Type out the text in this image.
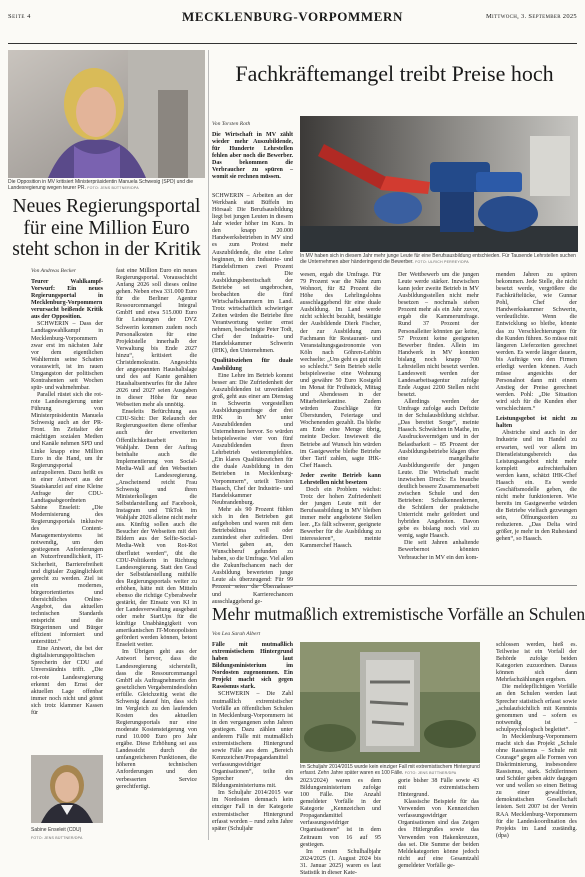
Seite 4	MECKLENBURG-VORPOMMERN	Mittwoch, 3. September 2025
Die Opposition in MV kritisiert Ministerpräsidentin Manuela Schwesig (SPD) und die Landesregierung wegen teurer PR. FOTO: JENS BÜTTNER/DPA
Neues Regierungsportal für eine Million Euro steht schon in der Kritik
Von Andreas Becker

Teurer Wahlkampf-Vorwurf: Ein neues Regierungsportal in Mecklenburg-Vorpommern verursacht beißende Kritik aus der Opposition.

SCHWERIN – Dass der Landtagswahlkampf in Mecklenburg-Vorpommern zwar erst im nächsten Jahr vor dem eigentlichen Wahltermin seine Schatten vorauswirft, ist im rauen Umgangston der politischen Kontrahenten seit Wochen spür- und wahrnehmbar.

Parallel rüstet sich die rot-rote Landesregierung unter Führung von Ministerpräsidentin Manuela Schwesig auch an der PR-Front. Im Zeitalter der mächtigen sozialen Medien und Kanäle nehmen SPD und Linke knapp eine Million Euro in die Hand, um ihr Regierungsportal aufzupolieren. Dazu heißt es in einer Antwort aus der Staatskanzlei auf eine Kleine Anfrage der CDU-Landtagsabgeordneten Sabine Enseleit: „Die Modernisierung des Regierungsportals inklusive des Content-Managementsystems ist notwendig, um den gestiegenen Anforderungen an Nutzerfreundlichkeit, IT-Sicherheit, Barrierefreiheit und digitaler Zugänglichkeit gerecht zu werden. Ziel ist ein modernes, bürgerorientiertes und übersichtliches Online-Angebot, das aktuellen technischen Standards entspricht und die Bürgerinnen und Bürger effizient informiert und unterstützt.“

Eine Antwort, die bei der digitalisierungspolitischen Sprecherin der CDU auf Unverständnis trifft. „Die rot-rote Landesregierung erkennt den Ernst der aktuellen Lage offenbar immer noch nicht und gönnt sich trotz klammer Kassen für

Sabine Enseleit (CDU)
FOTO: JENS BÜTTNER/DPA

fast eine Million Euro ein neues Regierungsportal. Vorausschicht Anfang 2026 soll dieses online gehen. Neben etwa 331.000 Euro für die Berliner Agentur Ressourcenmangel Integral GmbH und etwa 515.000 Euro für Leistungen der DVZ Schwerin kommen zudem noch Personalkosten für eine Projektstelle innerhalb der Verwaltung bis Ende 2027 hinzu“, kritisiert die Christdemokratin. Angesichts der angespannten Haushaltslage und des auf Kante genähten Haushaltsentwurfes für die Jahre 2026 und 2027 seien Ausgaben in dieser Höhe für neue Webseiten mehr als unnötig.

Enseleits Befürchtung aus CDU-Sicht: Der Relaunch der Regierungsseiten diene offenbar auch der erweiterten Öffentlichkeitsarbeit im Wahljahr. Denn der Auftrag beinhalte auch die Implementierung von Social-Media-Wall auf den Webseiten der Landesregierung. „Anscheinend reicht Frau Schwesig und ihren Ministerkollegen die Selbstdarstellung auf Facebook, Instagram und TikTok im Wahljahr 2026 alleine nicht mehr aus. Künftig sollen auch die Besucher der Webseiten mit den Bildern aus der Selfie-Social-Media-Welt von Rot-Rot überflutet werden“, übt die CDU-Politikerin in Richtung Landesregierung. Statt den Grad der Selbstdarstellung mithilfe des Regierungsportals weiter zu erhöhen, hätte mit den Mitteln ebenso die richtige Cyberabwehr gestärkt, der Einsatz von KI in der Landesverwaltung ausgebaut oder mehr StartUps für die künftige Unabhängigkeit von amerikanischen IT-Monopolisten gefördert werden können, betont Enseleit weiter.

Im Übrigen geht aus der Antwort hervor, dass die Landesregierung sicherstellt, dass die Ressourcenmangel GmbH als Auftragnehmerin den gesetzlichen Vergabemindestlohn erfülle. Gleichzeitig weist die Schwesig darauf hin, dass sich im Vergleich zu den laufenden Kosten des aktuellen Regierungsportals nur eine moderate Kostensteigerung von rund 10.000 Euro pro Jahr ergäbe. Diese Erhöhung sei aus Landessicht durch die umfangreicheren Funktionen, die höheren technischen Anforderungen und den verbesserten Service gerechtfertigt.

Fachkräftemangel treibt Preise hoch
Von Torsten Roth

Die Wirtschaft in MV zählt wieder mehr Auszubildende, für Hunderte Lehrstellen fehlen aber noch die Bewerber. Das bekommen die Verbraucher zu spüren – womit sie rechnen müssen.

SCHWERIN – Arbeiten an der Werkbank statt Büffeln im Hörsaal: Die Berufsausbildung liegt bei jungen Leuten in diesem Jahr wieder höher im Kurs. In den knapp 20.000 Handwerksbetrieben in MV sind es zum Protest mehr Auszubildende, die eine Lehre beginnen, in den Industrie- und Handelsfirmen zwei Prozent mehr. Die Ausbildungsbereitschaft der Betriebe sei ungebrochen, beobachten die fünf Wirtschaftskammern im Land. Trotz wirtschaftlich schwieriger Zeiten würden die Betriebe ihre Verantwortung weiter ernst nehmen, bescheinigte Peter Todt, Chef der Industrie- und Handelskammer Schwerin (IHK), den Unternehmen.

Qualitätsziehen für duale Ausbildung

Eine Lehre im Betrieb kommt besser an: Die Zufriedenheit der Auszubildenden ist unverändert groß, geht aus einer am Dienstag in Schwerin vorgestellten Ausbildungsumfrage der drei IHK in MV unter Auszubildenden und Unternehmen hervor. So würden beispielsweise vier von fünf Auszubildenden ihren Lehrbetrieb weiterempfehlen. „Ein klares Qualitätszeichen für die duale Ausbildung in den Betrieben in Mecklenburg-Vorpommern“, urteilt Torsten Haasch, Chef der Industrie- und Handelskammer Neubrandenburg.

Mehr als 90 Prozent fühlen sich in den Betrieben gut aufgehoben und waren mit dem Betriebsklima voll oder zumindest eher zufrieden. Drei Viertel gaben an, den Wunschberuf gefunden zu haben, so die Umfrage. Viel allen die Zukunftschancen nach der Ausbildung bewerteten junge Leute als überzeugend: Für 99 Prozent seien die Übernahme- und Karrierechancen ausschlaggebend ge-

In MV haben sich in diesem Jahr mehr junge Leute für eine Berufsausbildung entschieden. Für Tausende Lehrstellen suchen die Unternehmen aber händeringend die Bewerber. FOTO: ULRICH PERREY/DPA

wesen, ergab die Umfrage. Für 79 Prozent war die Nähe zum Wohnort, für 82 Prozent die Höhe des Lehrlingslohns ausschlaggebend für eine duale Ausbildung. Im Land werde nicht schlecht bezahlt, bestätigte der Ausbildende Dierk Fischer, der zur Ausbildung zum Fachmann für Restaurant- und Veranstaltungsgastronomie von Köln nach Göhren-Lebbin wechselte: „Uns geht es gut nicht so schlecht.“ Sein Betrieb stelle beispielsweise eine Wohnung und gewähre 50 Euro Kostgeld im Monat für Frühstück, Mittag und Abendessen in der Mitarbeiterkantine. Zudem würden Zuschläge für Überstunden, Feiertage und Wochenenden gezahlt. Da bleibe am Ende eine Menge übrig, meinte Decker. Inwieweit die Betriebe auf Wunsch hin würden im Gastgewerbe bleibe Betriebe über Tarif zahlen, sagte IHK-Chef Haasch.

Jeder zweite Betrieb kann Lehrstellen nicht besetzen

Doch ein Problem wächst: Trotz der hohen Zufriedenheit der jungen Leute mit der Berufsausbildung in MV bleiben immer mehr angebotene Stellen leer. „Es fällt schwerer, geeignete Bewerber für die Ausbildung zu interessieren“, meinte Kammerchef Haasch.

Der Wettbewerb um die jungen Leute werde stärker. Inzwischen kann jeder zweite Betrieb in MV Ausbildungsstellen nicht mehr besetzen – nochmals sieben Prozent mehr als ein Jahr zuvor, ergab die Kammerumfrage. Rund 37 Prozent der Personalleiter könnten gar keine, 57 Prozent keine geeigneten Bewerber finden. Allein im Handwerk in MV konnten bislang noch knapp 700 Lehrstellen nicht besetzt werden. Landesweit werden der Landesarbeitsagentur zufolge Ende August 2200 Stellen nicht besetzt.

Allerdings werden der Umfrage zufolge auch Defizite in der Schulausbildung sichtbar. „Das bereitet Sorge“, meinte Haasch. Schwächen in Mathe, im Ausdrucksvermögen und in der Belastbarkeit – 85 Prozent der Ausbildungsbetriebe klagen über eine mangelhafte Ausbildungsreife der jungen Leute. Die Wirtschaft macht inzwischen Druck: Es brauche deutlich bessere Zusammenarbeit zwischen Schule und den Betrieben: Schulkennenlernen, die Schülern der praktische Unterricht mehr gefördert und hybriden Angeboten. Davon gebe es bislang noch viel zu wenig, sagte Haasch.

Die seit Jahren anhaltende Bewerbernot könnten Verbraucher in MV ein den kom-

menden Jahren zu spüren bekommen. Jede Stelle, die nicht besetzt werde, vergrößere die Fachkräftelücke, wie Gunnar Pohl, Chef der Handwerkskammer Schwerin, verdeutlichte. Wenn die Entwicklung so bleibe, könnte das zu Verschlechterungen für die Kunden führen. So müsse mit längeren Lieferzeiten gerechnet werden. Es werde länger dauern, bis Aufträge von den Firmen erledigt werden können. Auch müsse angesichts der Personalnot dann mit einem Anstieg der Preise gerechnet werden. Pohl: „Die Situation wird sich für die Kunden eher verschlechtern.“

Leistungsgebot ist nicht zu halten

Abstriche sind auch in der Industrie und im Handel zu erwarten, weil vor allem im Dienstleistungsbereich das Leistungsangebot nicht mehr komplett aufrechterhalten werden kann, schätzt IHK-Chef Haasch ein. Es werde Geschäftsmodelle geben, die nicht mehr funktionieren. Wie bereits im Gastgewerbe würden die Betriebe vielfach gezwungen sein, Öffnungszeiten zu reduzieren. „Das Delta wird größer, je mehr in den Ruhestand gehen“, so Haasch.

Mehr mutmaßlich extremistische Vorfälle an Schulen
Von Lea Sarah Albert

Fälle mit mutmaßlich extremistischem Hintergrund haben laut Bildungsministerium im Nordosten zugenommen. Ein Projekt macht sich gegen Rassismus stark.

SCHWERIN – Die Zahl mutmaßlich extremistischer Vorfälle an öffentlichen Schulen in Mecklenburg-Vorpommern ist in den vergangenen zehn Jahren gestiegen. Dazu zählen unter anderem Fälle mit mutmaßlich extremistischem Hintergrund sowie Fälle aus dem „Bereich Kennzeichen/Propagandamittel verfassungswidriger Organisationen“, teilte ein Sprecher des Bildungsministeriums mit.

Im Schuljahr 2014/2015 war im Nordosten demnach kein einziger Fall in der Kategorie extremistischer Hintergrund erfasst worden – rund zehn Jahre später (Schuljahr

Im Schuljahr 2014/2015 wurde kein einziger Fall mit extremistischem Hintergrund erfasst. Zehn Jahre später waren es 100 Fälle. FOTO: JENS BÜTTNER/DPA

2023/2024) waren es dem Bildungsministerium zufolge 100 Fälle. Die Anzahl gemeldeter Vorfälle in der Kategorie „Kennzeichen und Propagandamittel verfassungswidriger Organisationen“ ist in dem Zeitraum von 16 auf 95 gestiegen.

Im ersten Schulhalbjahr 2024/2025 (1. August 2024 bis 31. Januar 2025) waren es laut Statistik in dieser Kate-

gorie bisher 38 Fälle sowie 43 mit extremistischem Hintergrund.

Klassische Beispiele für das Verwenden von Kennzeichen verfassungswidriger Organisationen sind das Zeigen des Hitlergrußes sowie das Verwenden von Hakenkreuzen, das sei. Die Summe der beiden Meldekategorien könne jedoch nicht auf eine Gesamtzahl gemeldeter Vorfälle ge-

schlossen werden, hieß es. Teilweise ist ein Vorfall der Behörde zufolge beiden Kategorien zuzuordnen. Daraus können sich dann Mehrfachzählungen ergeben.

Die meldepflichtigen Vorfälle an den Schulen werden laut Sprecher statistisch erfasst sowie „schulaufsichtlich mit Kenntnis genommen und – sofern es notwendig ist – schulpsychologisch begleitet“.

In Mecklenburg-Vorpommern macht sich das Projekt „Schule ohne Rassismus – Schule mit Courage“ gegen alle Formen von Diskriminierung, insbesondere Rassismus, stark. Schülerinnen und Schüler geben aktiv dagegen vor und wollen so einen Beitrag zu einer gewaltfreien, demokratischen Gesellschaft leisten. Seit 2007 ist der Verein RAA Mecklenburg-Vorpommern für die Landeskoordination des Projekts im Land zuständig. (dpa)
